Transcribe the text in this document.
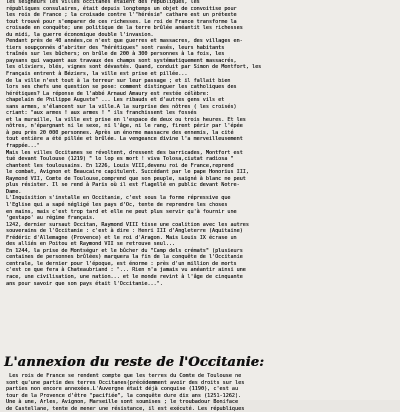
les seigneurs les villes occitanes étaient des républiques, les
républiques consulaires, était depuis longtemps un objet de convoitise pour
les rois de France ; la croisade contre l'"hérésie" cathare est un prétexte
tout trouvé pour s'emparer de ces richesses. Le roi de France transforme la
croisade en conquête; une politique de la terre brûlée anéantit les richesses
du midi, la guerre économique double l'invasion.
Pendant près de 40 années,ce n'est que guerres et massacres, des villages en-
tiers soupçonnés d'abriter des "hérétiques" sont rasés, leurs habitants
traînés sur les bûchers; on brûle de 200 à 300 personnes à la fois, les
paysans qui vaquent aux travaux des champs sont systématiquement massacrés,
les oliviers, blés, vignes sont dévastés. Quand, conduit par Simon de Montfort, les
Français entrent à Béziers, la ville est prise et pillée...
de la ville n'est tout à la terreur sur leur passage ; et il fallait bien
lors ses chefs une question se pose: comment distinguer les catholiques des
hérétiques? La réponse de l'abbé Arnaud Amaury est restée célèbre:
chapelain de Philippe Auguste" ... Les ribauds et d'autres gens vils et
sans armes, s'élancent sur la ville.A la surprise des nôtres ( les croisés)
criant: "aux armes ! aux armes ! " ils franchissent les fossés
et la muraille, la ville est prise en l'espace de deux ou trois heures. Et les
nôtres, n'épargnant ni le sexe, ni l'âge, ni le rang, firent périr par l'épée
à peu près 20 000 personnes. Après un énorme massacre des ennemis, la cité
tout entière a été pillée et brûlée. La vengeance divine l'a merveilleusement
frappée..."
Mais les villes Occitanes se révoltent, dressent des barricades, Montfort est
tué devant Toulouse (1219) " lo lop es mort ! viva Tolosa,ciutat radiosa "
chantent les toulousains. En 1226, Louis VIII,devenu roi de France,reprend
le combat, Avignon et Beaucaire capitulent. Succédant par le pape Honorius III,
Raymond VII, Comte de Toulouse,comprend que son peuple, saigné à blanc ne peut
plus résister. Il se rend à Paris où il est flagellé en public devant Notre-
Dame.
L'Inquisition s'installe en Occitanie, c'est sous la forme répressive que
l'Eglise qui a sapé négligé les pays d'Oc, tente de reprendre les choses
en mains, mais c'est trop tard et elle ne peut plus servir qu'à fournir une
'gestapo' au régime français.
1242, dernier sursaut Occitan, Raymond VIII tisse une coalition avec les autres
souverains de l'Occitanie : c'est à dire : Henri III d'Angleterre (Aquitaine)
Frédéric d'Allemagne (Provence) et le roi d'Aragon. Mais Louis IX écrase un
des alliés en Poitou et Raymond VII se retrouve seul...
En 1244, la prise de Montségur et le bûcher du "Camp dels crémats" (plusieurs
centaines de personnes brûlées) marquera la fin de la conquête de l'Occitanie
centrale, le dernier pour l'époque, est énorme : près d'un million de morts
c'est ce que fera à Chateaubriand : "... Rien n'a jamais vu anéantir ainsi une
race, une civilisation, une nation... et le monde revint à l'âge de cinquante
ans pour savoir que son pays était l'Occitanie...".
L'annexion du reste de l'Occitanie:
Les rois de France se rendent compte que les terres du Comte de Toulouse ne
sont qu'une partie des terres Occitanes(précédemment avoir des droits sur les
parties non encore annexées.L'Auvergne était déjà conquise (1190), c'est au
tour de la Provence d'être "pacifiée", la conquête dure dix ans (1251-1262).
Une à une, Arles, Avignon, Marseille sont soumises ; le troubadour Boniface
de Castellane, tente de mener une résistance, il est exécuté. Les républiques
